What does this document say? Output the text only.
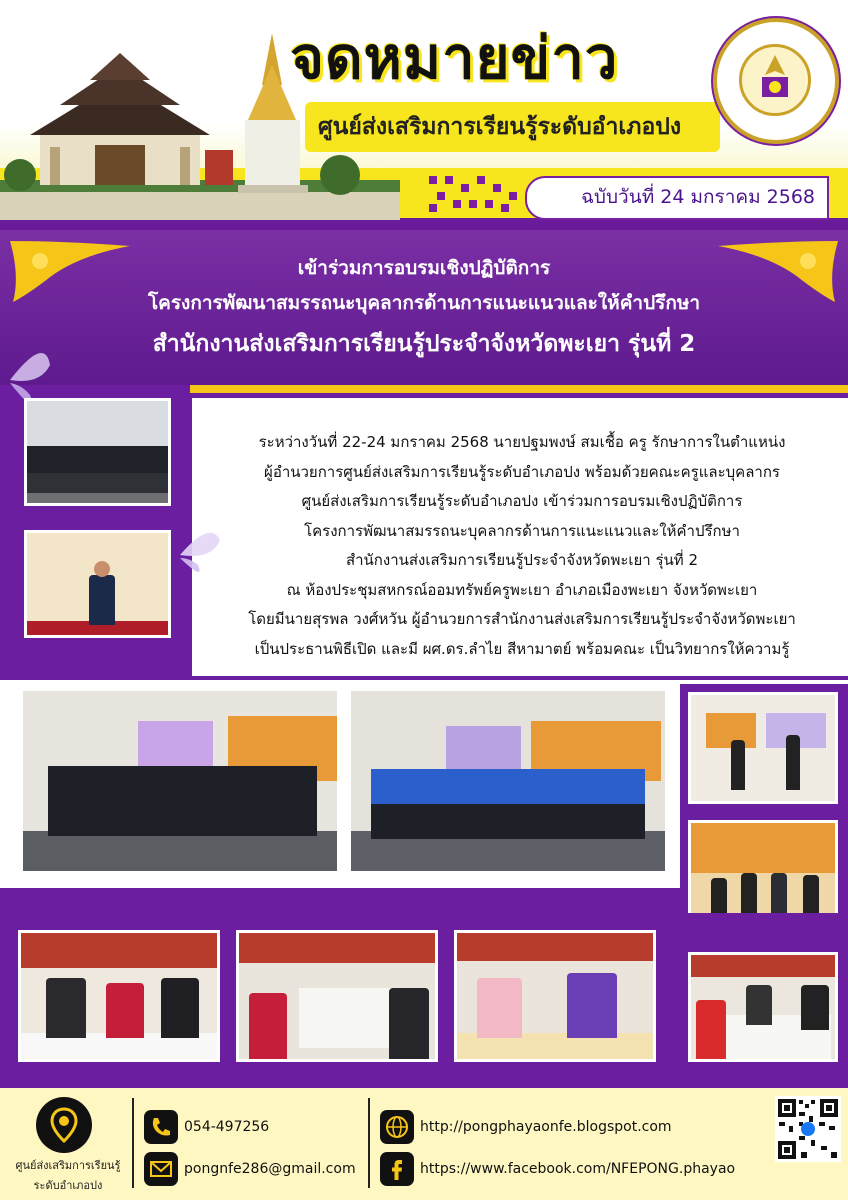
จดหมายข่าว
ศูนย์ส่งเสริมการเรียนรู้ระดับอำเภอปง
ฉบับวันที่ 24 มกราคม 2568
เข้าร่วมการอบรมเชิงปฏิบัติการ
โครงการพัฒนาสมรรถนะบุคลากรด้านการแนะแนวและให้คำปรึกษา
สำนักงานส่งเสริมการเรียนรู้ประจำจังหวัดพะเยา รุ่นที่ 2
ระหว่างวันที่ 22-24 มกราคม 2568 นายปฐมพงษ์ สมเชื้อ ครู รักษาการในตำแหน่ง
ผู้อำนวยการศูนย์ส่งเสริมการเรียนรู้ระดับอำเภอปง พร้อมด้วยคณะครูและบุคลากร
ศูนย์ส่งเสริมการเรียนรู้ระดับอำเภอปง เข้าร่วมการอบรมเชิงปฏิบัติการ
โครงการพัฒนาสมรรถนะบุคลากรด้านการแนะแนวและให้คำปรึกษา
สำนักงานส่งเสริมการเรียนรู้ประจำจังหวัดพะเยา รุ่นที่ 2
ณ ห้องประชุมสหกรณ์ออมทรัพย์ครูพะเยา อำเภอเมืองพะเยา จังหวัดพะเยา
โดยมีนายสุรพล วงศ์หวัน ผู้อำนวยการสำนักงานส่งเสริมการเรียนรู้ประจำจังหวัดพะเยา
เป็นประธานพิธีเปิด และมี ผศ.ดร.ลำไย สีหามาตย์ พร้อมคณะ เป็นวิทยากรให้ความรู้
ศูนย์ส่งเสริมการเรียนรู้
ระดับอำเภอปง
054-497256
pongnfe286@gmail.com
http://pongphayaonfe.blogspot.com
https://www.facebook.com/NFEPONG.phayao
